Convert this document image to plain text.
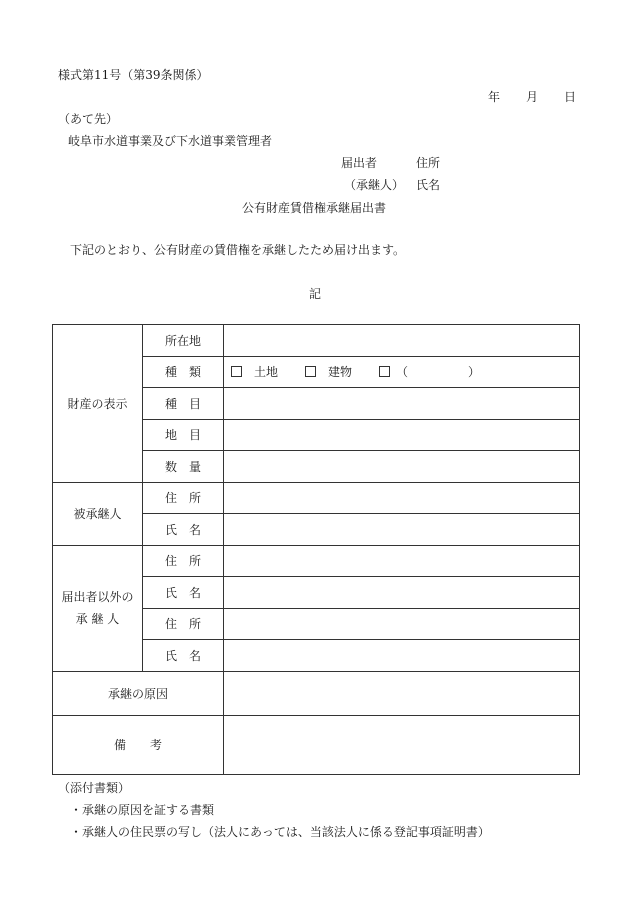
様式第11号（第39条関係）
年 月 日
（あて先）
岐阜市水道事業及び下水道事業管理者
届出者	住所
（承継人） 氏名
公有財産賃借権承継届出書
下記のとおり、公有財産の賃借権を承継したため届け出ます。
記
財産の表示	所在地	
	種　類	　土地　 建物　 （　　　　　）
	種　目	
	地　目	
	数　量	
被承継人	住　所	
	氏　名	

届出者以外の
承 継 人	住　所	
	氏　名	
	住　所	
	氏　名	
承継の原因		
備　　考		
（添付書類）
・承継の原因を証する書類
・承継人の住民票の写し（法人にあっては、当該法人に係る登記事項証明書）
